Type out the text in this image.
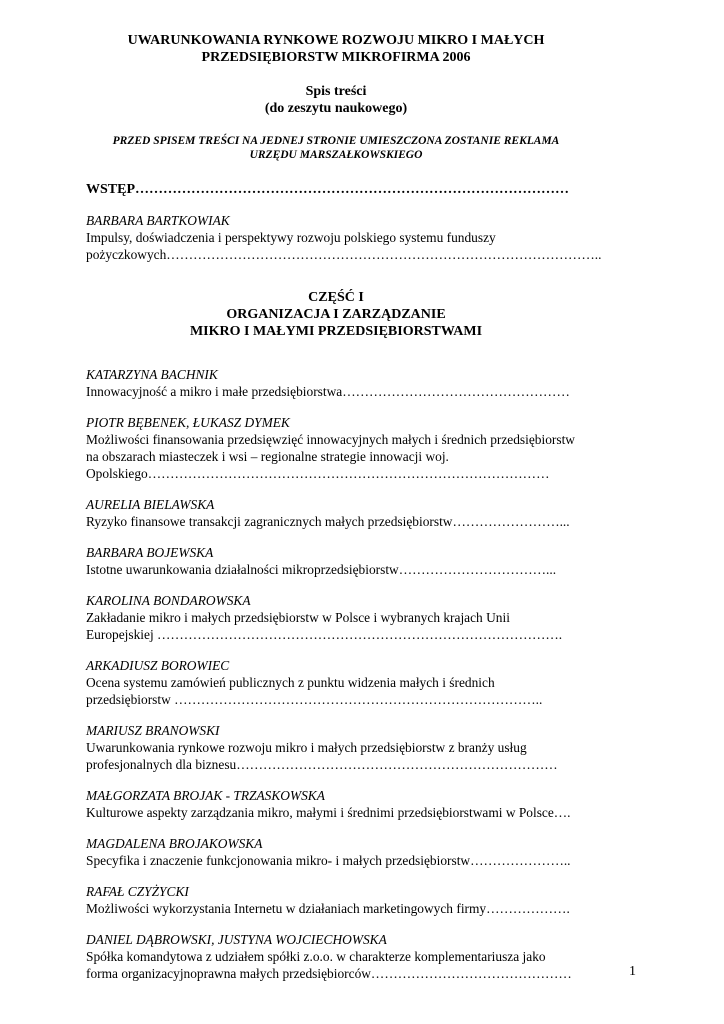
UWARUNKOWANIA RYNKOWE ROZWOJU MIKRO I MAŁYCH
PRZEDSIĘBIORSTW MIKROFIRMA 2006
Spis treści
(do zeszytu naukowego)
PRZED SPISEM TREŚCI NA JEDNEJ STRONIE UMIESZCZONA ZOSTANIE REKLAMA
URZĘDU MARSZAŁKOWSKIEGO
WSTĘP…………………………………………………………………………………
BARBARA BARTKOWIAK
Impulsy, doświadczenia i perspektywy rozwoju polskiego systemu funduszy
pożyczkowych……………………………………………………………………………………..
CZĘŚĆ I
ORGANIZACJA I ZARZĄDZANIE
MIKRO I MAŁYMI PRZEDSIĘBIORSTWAMI
KATARZYNA BACHNIK
Innowacyjność a mikro i małe przedsiębiorstwa……………………………………………
PIOTR BĘBENEK, ŁUKASZ DYMEK
Możliwości finansowania przedsięwzięć innowacyjnych małych i średnich przedsiębiorstw
na obszarach miasteczek i wsi – regionalne strategie innowacji woj.
Opolskiego………………………………………………………………………………
AURELIA BIELAWSKA
Ryzyko finansowe transakcji zagranicznych małych przedsiębiorstw……………………...
BARBARA BOJEWSKA
Istotne uwarunkowania działalności mikroprzedsiębiorstw……………………………...
KAROLINA BONDAROWSKA
Zakładanie mikro i małych przedsiębiorstw w Polsce i wybranych krajach Unii
Europejskiej ……………………………………………………………………………….
ARKADIUSZ BOROWIEC
Ocena systemu zamówień publicznych z punktu widzenia małych i średnich
przedsiębiorstw ………………………………………………………………………..
MARIUSZ BRANOWSKI
Uwarunkowania rynkowe rozwoju mikro i małych przedsiębiorstw z branży usług
profesjonalnych dla biznesu………………………………………………………………
MAŁGORZATA BROJAK - TRZASKOWSKA
Kulturowe aspekty zarządzania mikro, małymi i średnimi przedsiębiorstwami w Polsce….
MAGDALENA BROJAKOWSKA
Specyfika i znaczenie funkcjonowania mikro- i małych przedsiębiorstw…………………..
RAFAŁ CZYŻYCKI
Możliwości wykorzystania Internetu w działaniach marketingowych firmy……………….
DANIEL DĄBROWSKI, JUSTYNA WOJCIECHOWSKA
Spółka komandytowa z udziałem spółki z.o.o. w charakterze komplementariusza jako
forma organizacyjnoprawna małych przedsiębiorców………………………………………	1
